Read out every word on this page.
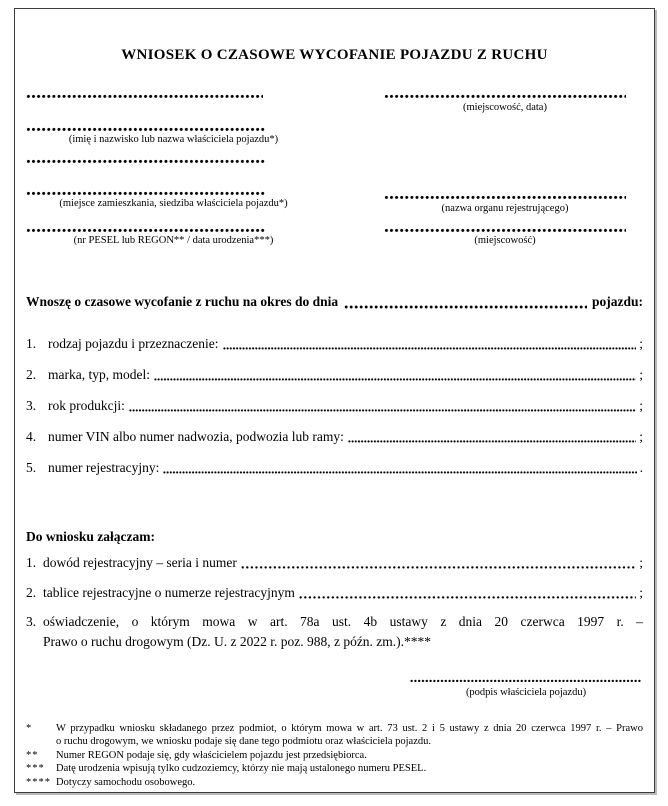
WNIOSEK O CZASOWE WYCOFANIE POJAZDU Z RUCHU
(imię i nazwisko lub nazwa właściciela pojazdu*)
(miejsce zamieszkania, siedziba właściciela pojazdu*)
(nr PESEL lub REGON** / data urodzenia***)
(miejscowość, data)
(nazwa organu rejestrującego)
(miejscowość)
Wnoszę o czasowe wycofanie z ruchu na okres do dnia	pojazdu:
1. rodzaj pojazdu i przeznaczenie:	;
2. marka, typ, model:	;
3. rok produkcji:	;
4. numer VIN albo numer nadwozia, podwozia lub ramy:	;
5. numer rejestracyjny:	.
Do wniosku załączam:
1. dowód rejestracyjny – seria i numer	;
2. tablice rejestracyjne o numerze rejestracyjnym	;
3. oświadczenie, o którym mowa w art. 78a ust. 4b ustawy z dnia 20 czerwca 1997 r. –
Prawo o ruchu drogowym (Dz. U. z 2022 r. poz. 988, z późn. zm.).****
(podpis właściciela pojazdu)
*	W przypadku wniosku składanego przez podmiot, o którym mowa w art. 73 ust. 2 i 5 ustawy z dnia 20 czerwca 1997 r. – Prawo
o ruchu drogowym, we wniosku podaje się dane tego podmiotu oraz właściciela pojazdu.
**	Numer REGON podaje się, gdy właścicielem pojazdu jest przedsiębiorca.
***	Datę urodzenia wpisują tylko cudzoziemcy, którzy nie mają ustalonego numeru PESEL.
**** Dotyczy samochodu osobowego.
